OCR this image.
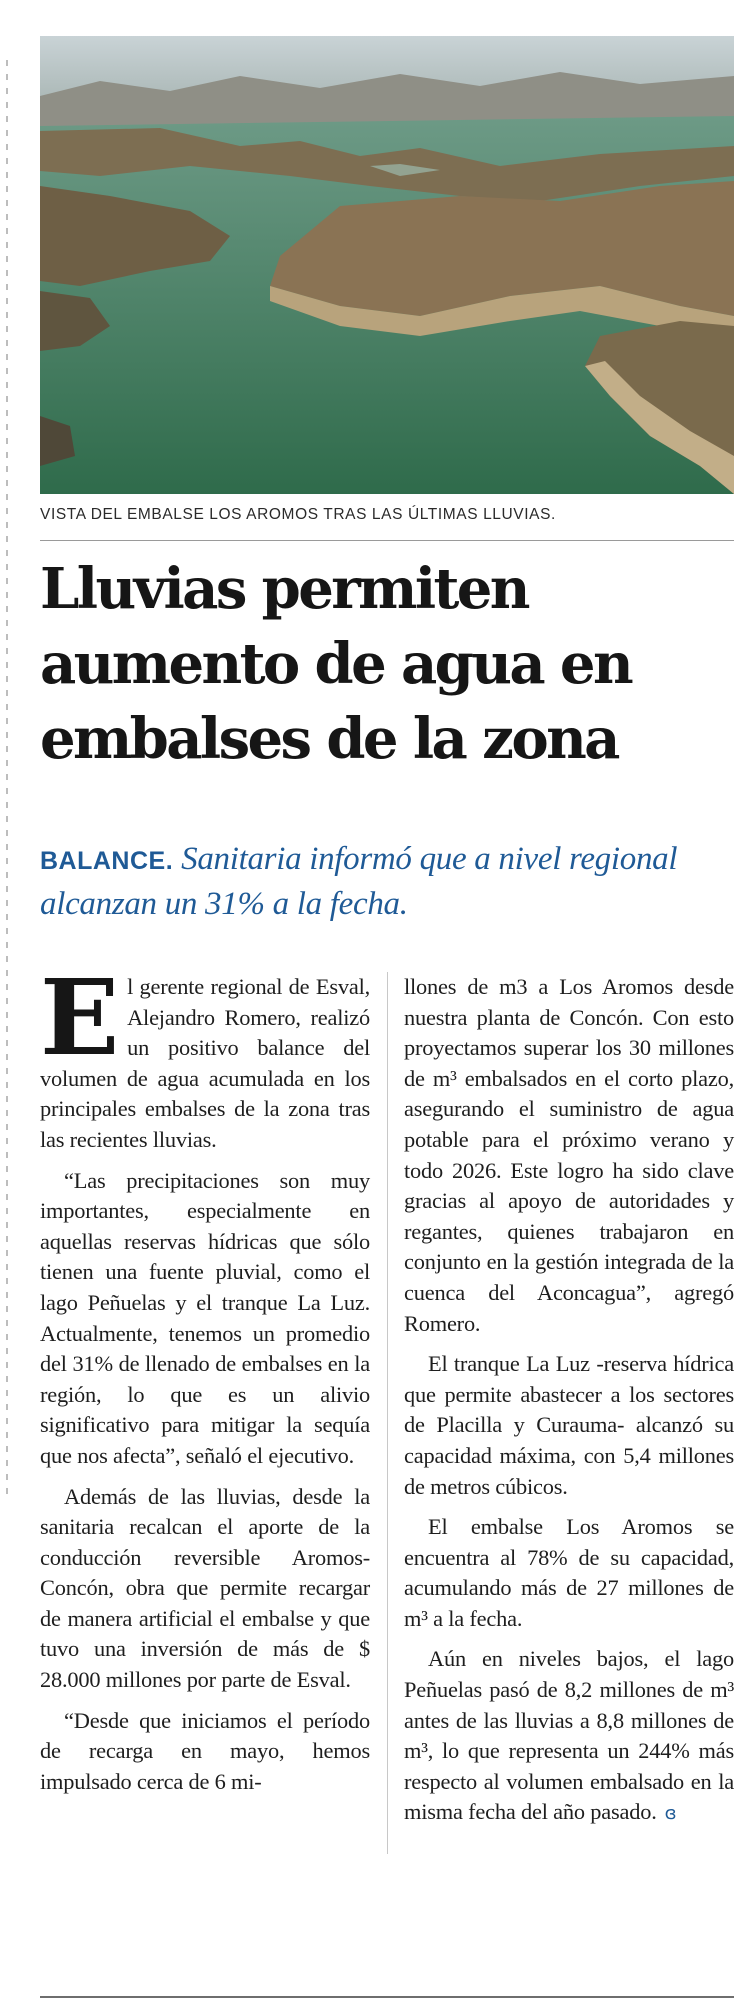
VISTA DEL EMBALSE LOS AROMOS TRAS LAS ÚLTIMAS LLUVIAS.
Lluvias permiten
aumento de agua en
embalses de la zona
BALANCE. Sanitaria informó que a nivel regional alcanzan un 31% a la fecha.

El gerente regional de Esval, Alejandro Romero, realizó un positivo balance del volumen de agua acumulada en los principales embalses de la zona tras las recientes lluvias.

“Las precipitaciones son muy importantes, especialmente en aquellas reservas hídricas que sólo tienen una fuente pluvial, como el lago Peñuelas y el tranque La Luz. Actualmente, tenemos un promedio del 31% de llenado de embalses en la región, lo que es un alivio significativo para mitigar la sequía que nos afecta”, señaló el ejecutivo.

Además de las lluvias, desde la sanitaria recalcan el aporte de la conducción reversible Aromos-Concón, obra que permite recargar de manera artificial el embalse y que tuvo una inversión de más de $ 28.000 millones por parte de Esval.

“Desde que iniciamos el período de recarga en mayo, hemos impulsado cerca de 6 mi-

llones de m3 a Los Aromos desde nuestra planta de Concón. Con esto proyectamos superar los 30 millones de m³ embalsados en el corto plazo, asegurando el suministro de agua potable para el próximo verano y todo 2026. Este logro ha sido clave gracias al apoyo de autoridades y regantes, quienes trabajaron en conjunto en la gestión integrada de la cuenca del Aconcagua”, agregó Romero.

El tranque La Luz -reserva hídrica que permite abastecer a los sectores de Placilla y Curauma- alcanzó su capacidad máxima, con 5,4 millones de metros cúbicos.

El embalse Los Aromos se encuentra al 78% de su capacidad, acumulando más de 27 millones de m³ a la fecha.

Aún en niveles bajos, el lago Peñuelas pasó de 8,2 millones de m³ antes de las lluvias a 8,8 millones de m³, lo que representa un 244% más respecto al volumen embalsado en la misma fecha del año pasado. ɞ
